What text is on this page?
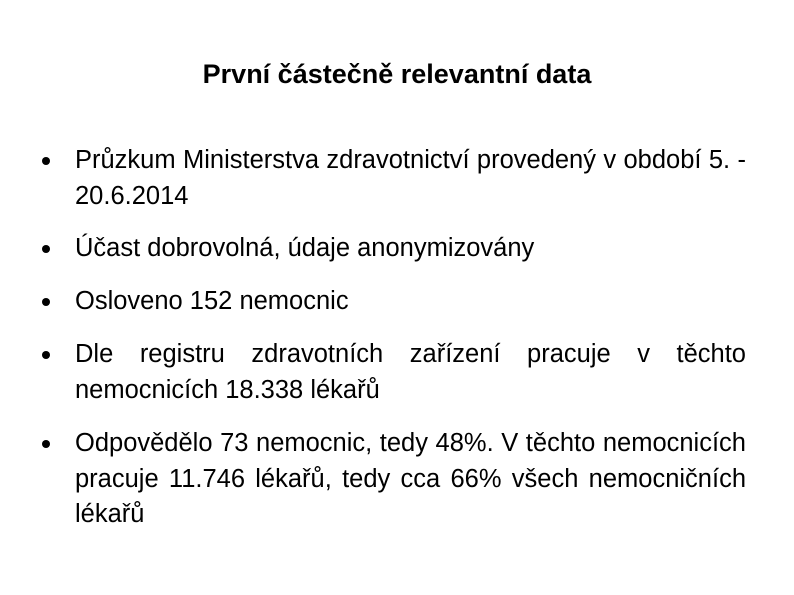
První částečně relevantní data
Průzkum Ministerstva zdravotnictví provedený v období 5. - 20.6.2014
Účast dobrovolná, údaje anonymizovány
Osloveno 152 nemocnic
Dle registru zdravotních zařízení pracuje v těchto nemocnicích 18.338 lékařů
Odpovědělo 73 nemocnic, tedy 48%. V těchto nemocnicích pracuje 11.746 lékařů, tedy cca 66% všech nemocničních lékařů
